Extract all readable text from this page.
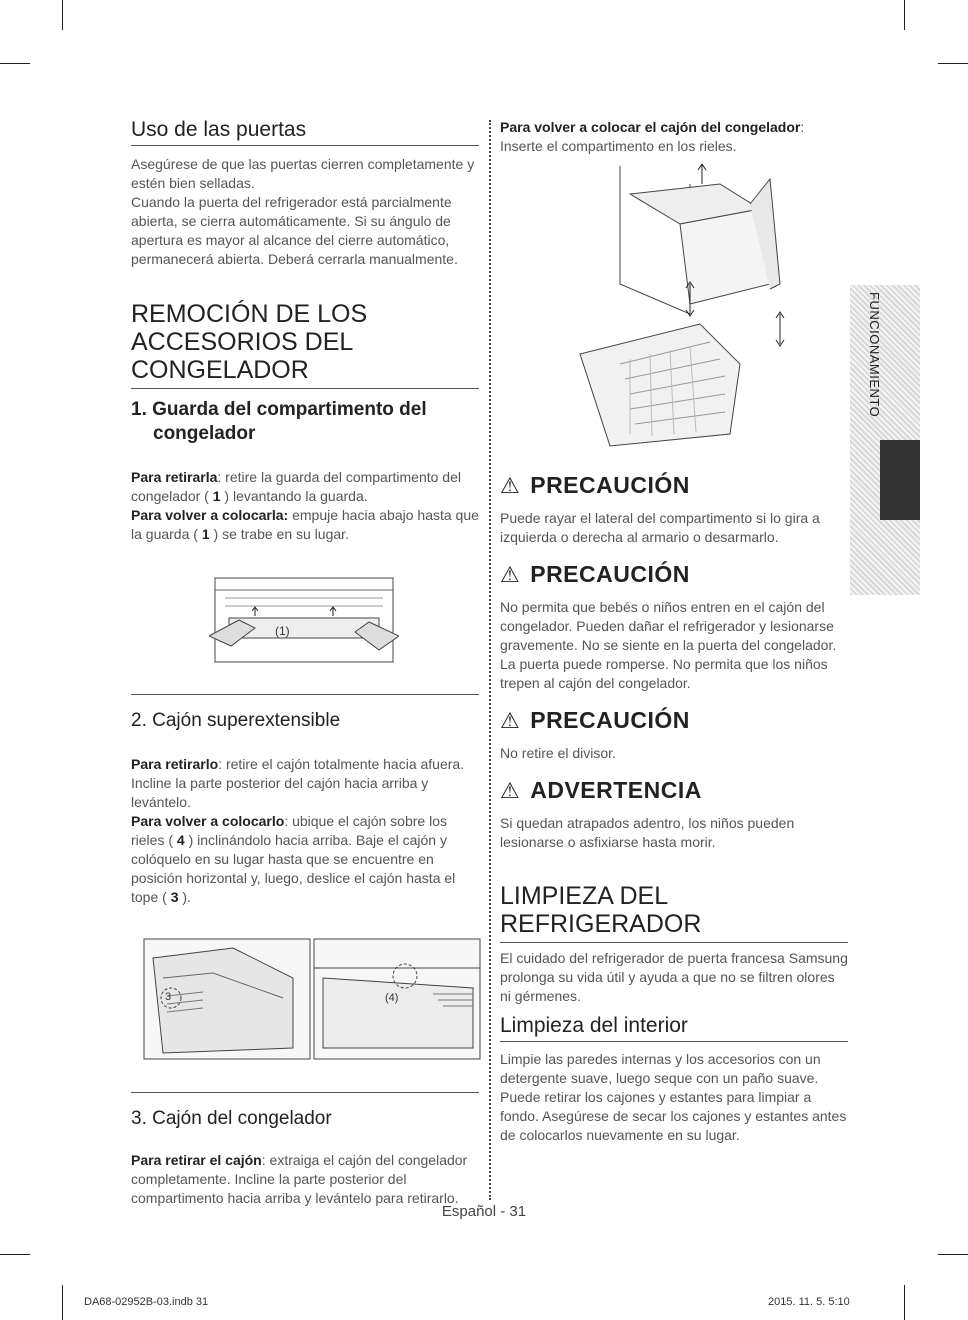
Uso de las puertas

Asegúrese de que las puertas cierren completamente y estén bien selladas.

Cuando la puerta del refrigerador está parcialmente abierta, se cierra automáticamente. Si su ángulo de apertura es mayor al alcance del cierre automático, permanecerá abierta. Deberá cerrarla manualmente.

REMOCIÓN DE LOS ACCESORIOS DEL CONGELADOR
1. Guarda del compartimento del congelador

Para retirarla: retire la guarda del compartimento del congelador ( 1 ) levantando la guarda.

Para volver a colocarla: empuje hacia abajo hasta que la guarda ( 1 ) se trabe en su lugar.

(1)
2. Cajón superextensible

Para retirarlo: retire el cajón totalmente hacia afuera. Incline la parte posterior del cajón hacia arriba y levántelo.

Para volver a colocarlo: ubique el cajón sobre los rieles ( 4 ) inclinándolo hacia arriba. Baje el cajón y colóquelo en su lugar hasta que se encuentre en posición horizontal y, luego, deslice el cajón hasta el tope ( 3 ).

3	(4)
3. Cajón del congelador

Para retirar el cajón: extraiga el cajón del congelador completamente. Incline la parte posterior del compartimento hacia arriba y levántelo para retirarlo.

Para volver a colocar el cajón del congelador: Inserte el compartimento en los rieles.

⚠ PRECAUCIÓN

Puede rayar el lateral del compartimento si lo gira a izquierda o derecha al armario o desarmarlo.

⚠ PRECAUCIÓN

No permita que bebés o niños entren en el cajón del congelador. Pueden dañar el refrigerador y lesionarse gravemente. No se siente en la puerta del congelador. La puerta puede romperse. No permita que los niños trepen al cajón del congelador.

⚠ PRECAUCIÓN

No retire el divisor.

⚠ ADVERTENCIA

Si quedan atrapados adentro, los niños pueden lesionarse o asfixiarse hasta morir.

LIMPIEZA DEL REFRIGERADOR

El cuidado del refrigerador de puerta francesa Samsung prolonga su vida útil y ayuda a que no se filtren olores ni gérmenes.

Limpieza del interior

Limpie las paredes internas y los accesorios con un detergente suave, luego seque con un paño suave. Puede retirar los cajones y estantes para limpiar a fondo. Asegúrese de secar los cajones y estantes antes de colocarlos nuevamente en su lugar.

FUNCIONAMIENTO
Español - 31
DA68-02952B-03.indb 31	2015. 11. 5. 5:10
